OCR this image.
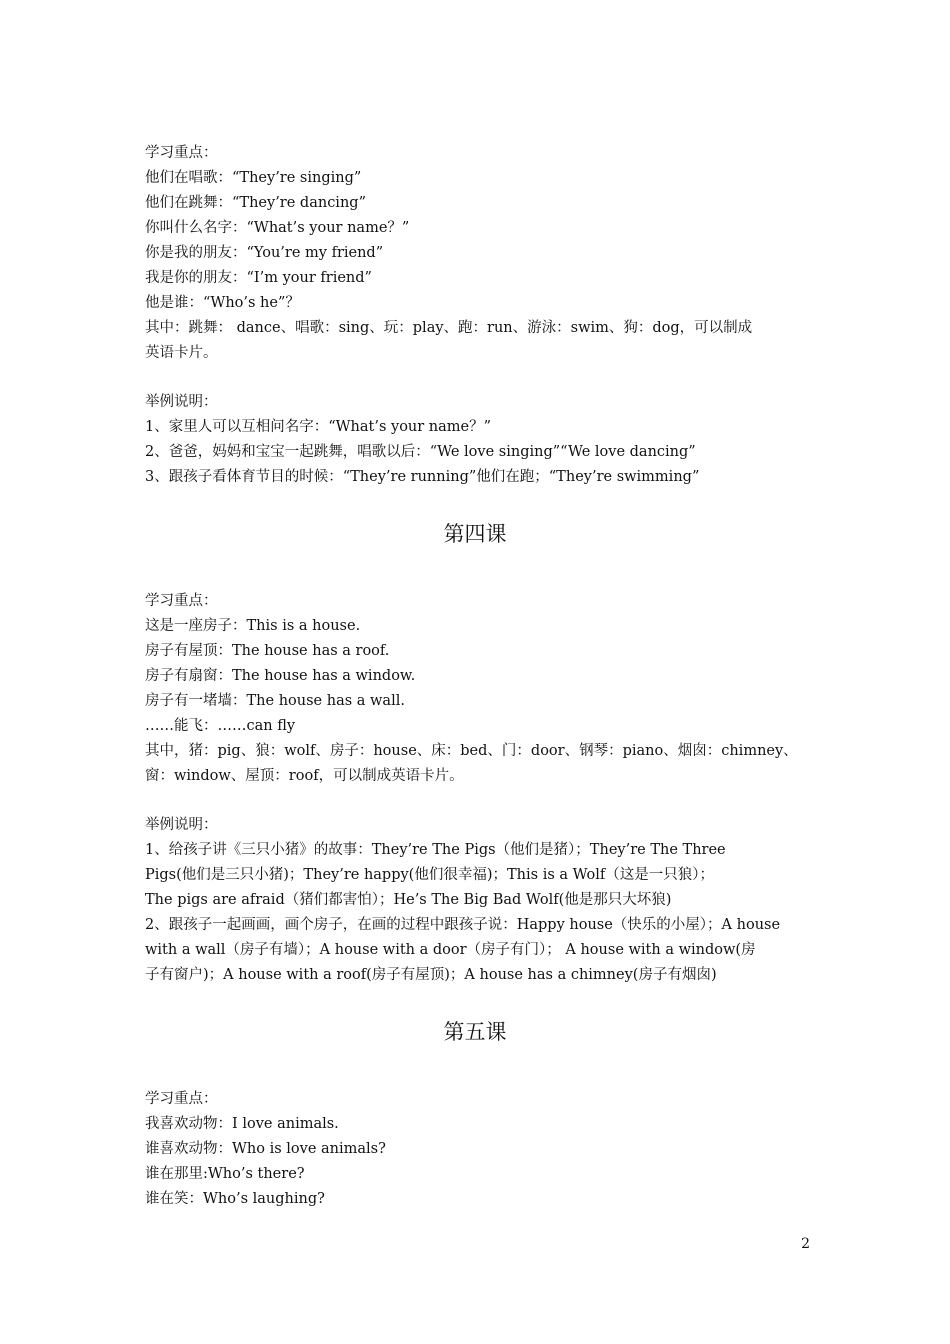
学习重点：
他们在唱歌：“They’re singing”
他们在跳舞：“They’re dancing”
你叫什么名字：“What’s your name？”
你是我的朋友：“You’re my friend”
我是你的朋友：“I’m your friend”
他是谁：“Who’s he”？
其中：跳舞： dance、唱歌：sing、玩：play、跑：run、游泳：swim、狗：dog，可以制成
英语卡片。
举例说明：
1、家里人可以互相问名字：“What’s your name？”
2、爸爸，妈妈和宝宝一起跳舞，唱歌以后：“We love singing”“We love dancing”
3、跟孩子看体育节目的时候：“They’re running”他们在跑；“They’re swimming”
第四课
学习重点：
这是一座房子：This is a house.
房子有屋顶：The house has a roof.
房子有扇窗：The house has a window.
房子有一堵墙：The house has a wall.
……能飞：……can fly
其中，猪：pig、狼：wolf、房子：house、床：bed、门：door、钢琴：piano、烟囱：chimney、
窗：window、屋顶：roof，可以制成英语卡片。
举例说明：
1、给孩子讲《三只小猪》的故事：They’re The Pigs（他们是猪）；They’re The Three
Pigs(他们是三只小猪)；They’re happy(他们很幸福)；This is a Wolf（这是一只狼）；
The pigs are afraid（猪们都害怕）；He’s The Big Bad Wolf(他是那只大坏狼)
2、跟孩子一起画画，画个房子，在画的过程中跟孩子说：Happy house（快乐的小屋）；A house
with a wall（房子有墙）；A house with a door（房子有门）； A house with a window(房
子有窗户)；A house with a roof(房子有屋顶)；A house has a chimney(房子有烟囱)
第五课
学习重点：
我喜欢动物：I love animals.
谁喜欢动物：Who is love animals?
谁在那里:Who’s there?
谁在笑：Who’s laughing?
2
